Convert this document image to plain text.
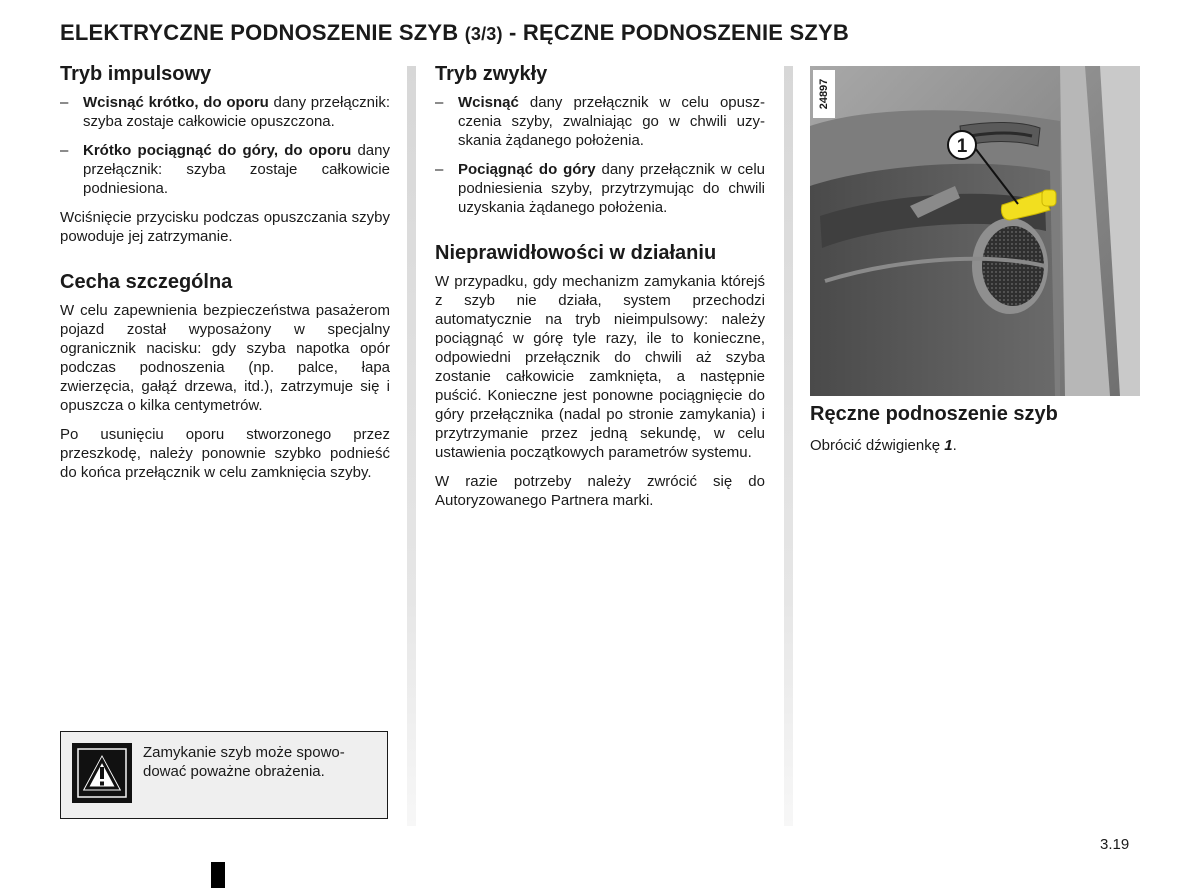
ELEKTRYCZNE PODNOSZENIE SZYB (3/3) - RĘCZNE PODNOSZENIE SZYB
Tryb impulsowy
– Wcisnąć krótko, do oporu dany przełącznik: szyba zostaje całkowicie opuszczona.
– Krótko pociągnąć do góry, do oporu dany przełącznik: szyba zostaje całkowicie podniesiona.

Wciśnięcie przycisku podczas opuszczania szyby powoduje jej zatrzymanie.

Cecha szczególna

W celu zapewnienia bezpieczeństwa pasażerom pojazd został wyposażony w specjalny ogranicznik nacisku: gdy szyba napotka opór podczas podnoszenia (np. palce, łapa zwierzęcia, gałąź drzewa, itd.), zatrzymuje się i opuszcza o kilka centymetrów.

Po usunięciu oporu stworzonego przez przeszkodę, należy ponownie szybko podnieść do końca przełącznik w celu zamknięcia szyby.

Zamykanie szyb może spowodować poważne obrażenia.
Tryb zwykły
– Wcisnąć dany przełącznik w celu opuszczenia szyby, zwalniając go w chwili uzyskania żądanego położenia.
– Pociągnąć do góry dany przełącznik w celu podniesienia szyby, przytrzymując do chwili uzyskania żądanego położenia.
Nieprawidłowości w działaniu

W przypadku, gdy mechanizm zamykania którejś z szyb nie działa, system przechodzi automatycznie na tryb nieimpulsowy: należy pociągnąć w górę tyle razy, ile to konieczne, odpowiedni przełącznik do chwili aż szyba zostanie całkowicie zamknięta, a następnie puścić. Konieczne jest ponowne pociągnięcie do góry przełącznika (nadal po stronie zamykania) i przytrzymanie przez jedną sekundę, w celu ustawienia początkowych parametrów systemu.

W razie potrzeby należy zwrócić się do Autoryzowanego Partnera marki.

24897
1
Ręczne podnoszenie szyb

Obrócić dźwigienkę 1.

3.19
